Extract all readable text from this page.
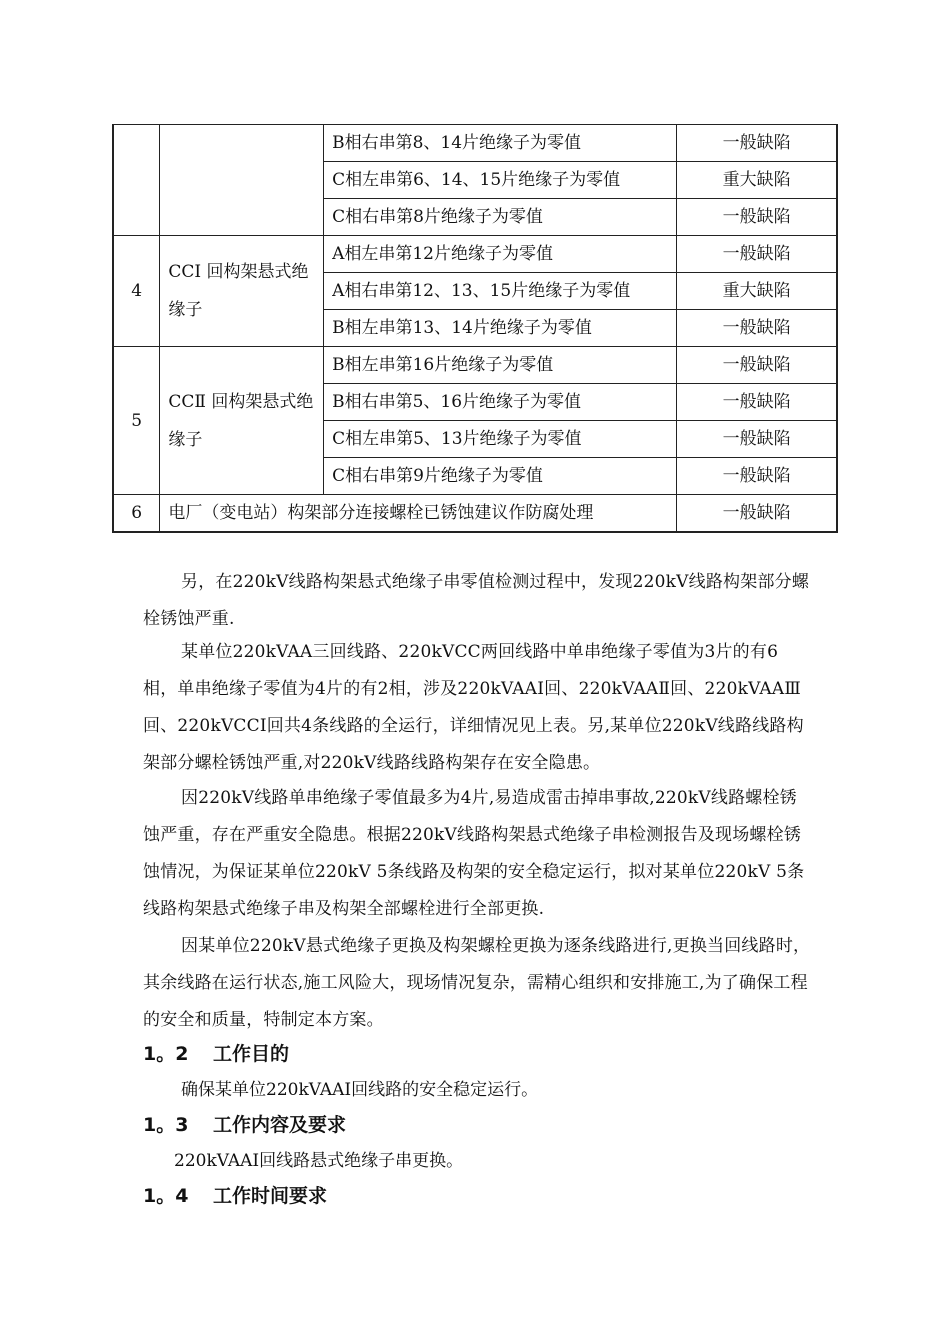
		B相右串第8、14片绝缘子为零值	一般缺陷
		C相左串第6、14、15片绝缘子为零值	重大缺陷
		C相右串第8片绝缘子为零值	一般缺陷
4	CCⅠ 回构架悬式绝缘子	A相左串第12片绝缘子为零值	一般缺陷
		A相右串第12、13、15片绝缘子为零值	重大缺陷
		B相左串第13、14片绝缘子为零值	一般缺陷
5	CCⅡ 回构架悬式绝缘子	B相左串第16片绝缘子为零值	一般缺陷
		B相右串第5、16片绝缘子为零值	一般缺陷
		C相左串第5、13片绝缘子为零值	一般缺陷
		C相右串第9片绝缘子为零值	一般缺陷
6	电厂（变电站）构架部分连接螺栓已锈蚀建议作防腐处理		一般缺陷
另，在220kV线路构架悬式绝缘子串零值检测过程中，发现220kV线路构架部分螺栓锈蚀严重.
某单位220kVAA三回线路、220kVCC两回线路中单串绝缘子零值为3片的有6相，单串绝缘子零值为4片的有2相，涉及220kVAAⅠ回、220kVAAⅡ回、220kVAAⅢ回、220kVCCⅠ回共4条线路的全运行，详细情况见上表。另,某单位220kV线路线路构架部分螺栓锈蚀严重,对220kV线路线路构架存在安全隐患。
因220kV线路单串绝缘子零值最多为4片,易造成雷击掉串事故,220kV线路螺栓锈蚀严重，存在严重安全隐患。根据220kV线路构架悬式绝缘子串检测报告及现场螺栓锈蚀情况，为保证某单位220kV 5条线路及构架的安全稳定运行，拟对某单位220kV 5条线路构架悬式绝缘子串及构架全部螺栓进行全部更换.
因某单位220kV悬式绝缘子更换及构架螺栓更换为逐条线路进行,更换当回线路时，其余线路在运行状态,施工风险大，现场情况复杂，需精心组织和安排施工,为了确保工程的安全和质量，特制定本方案。
1。2 工作目的
确保某单位220kVAAⅠ回线路的安全稳定运行。
1。3 工作内容及要求
220kVAAⅠ回线路悬式绝缘子串更换。
1。4 工作时间要求
